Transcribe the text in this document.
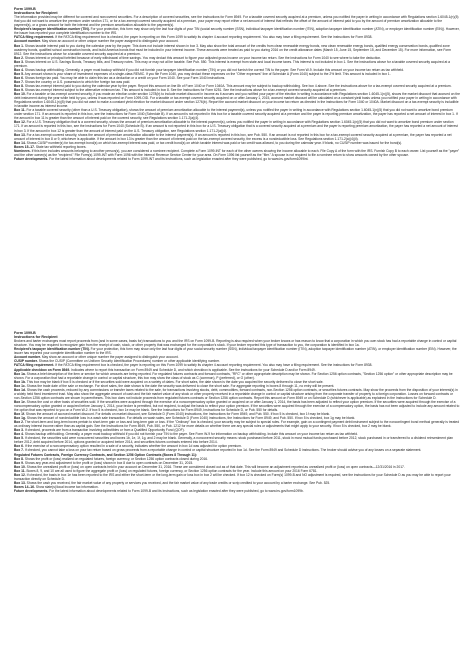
Form 1099-B
Instructions for Recipient

The information provided may be different for covered and noncovered securities. For a description of covered securities, see the instructions for Form 8949. For a taxable covered security acquired at a premium, unless you notified the payer in writing in accordance with Regulations section 1.6045-1(n)(5) that you did not want to amortize the premium under section 171, or for a tax-exempt covered security acquired at a premium, your payer may report either a net amount of interest that reflects the offset of the amount of interest paid to you by the amount of premium amortization allocable to the payment(s), or a gross amount for both the interest and the premium amortization allocable to the payment(s).

Recipient's taxpayer identification number (TIN). For your protection, this form may show only the last four digits of your TIN (social security number (SSN), individual taxpayer identification number (ITIN), adoption taxpayer identification number (ATIN), or employer identification number (EIN)). However, the issuer has reported your complete identification number to the IRS.

FATCA filing requirement. If the FATCA filing requirement box is checked, the payer is reporting on this Form 1099 to satisfy its chapter 4 account reporting requirement. You also may have a filing requirement. See the instructions for Form 8938.

Account number. May show an account or other unique number the payer assigned to distinguish your account.

Box 1. Shows taxable interest paid to you during the calendar year by the payer. This does not include interest shown in box 3. May also show the total amount of the credits from clean renewable energy bonds, new clean renewable energy bonds, qualified energy conservation bonds, qualified zone academy bonds, qualified school construction bonds, and build America bonds that must be included in your interest income. These amounts were treated as paid to you during 2016 on the credit allowance dates (March 15, June 15, September 15, and December 15). For more information, see Form 8912. See the instructions above for a taxable covered security acquired at a premium.

Box 2. Shows interest or principal forfeited because of early withdrawal of time savings. You may deduct this amount to figure your adjusted gross income on your income tax return. See the instructions for Form 1040 to see where to take the deduction.

Box 3. Shows interest on U.S. Savings Bonds, Treasury bills, and Treasury notes. This may or may not all be taxable. See Pub. 550. This interest is exempt from state and local income taxes. This interest is not included in box 1. See the instructions above for a taxable covered security acquired at a premium.

Box 4. Shows backup withholding. Generally, a payer must backup withhold if you did not furnish your taxpayer identification number (TIN) or you did not furnish the correct TIN to the payer. See Form W-9. Include this amount on your income tax return as tax withheld.

Box 5. Any amount shown is your share of investment expenses of a single-class REMIC. If you file Form 1040, you may deduct these expenses on the "Other expenses" line of Schedule A (Form 1040) subject to the 2% limit. This amount is included in box 1.

Box 6. Shows foreign tax paid. You may be able to claim this tax as a deduction or a credit on your Form 1040. See your Form 1040 instructions.

Box 7. Shows the country or U.S. possession to which the foreign tax was paid.

Box 8. Shows tax-exempt interest paid to you during the calendar year by the payer. Report this amount on line 8b of Form 1040 or Form 1040A. This amount may be subject to backup withholding. See box 4 above. See the instructions above for a tax-exempt covered security acquired at a premium.

Box 9. Shows tax-exempt interest subject to the alternative minimum tax. This amount is included in box 8. See the Instructions for Form 6251. See the instructions above for a tax-exempt covered security acquired at a premium.

Box 10. For a taxable or tax-exempt covered security, if you made an election under section 1278(b) to include market discount in income as it accrues and you notified your payer of the election in writing in accordance with Regulations section 1.6045-1(n)(5), shows the market discount that accrued on the debt instrument during the year while held by you, unless it was reported on Form 1099-OID. For a taxable or tax-exempt covered security acquired on or after January 1, 2015, accrued market discount will be calculated on a constant yield basis unless you notified your payer in writing in accordance with Regulations section 1.6045-1(n)(5) that you did not want to make a constant yield election for market discount under section 1276(b). Report the accrued market discount on your income tax return as directed in the instructions for Form 1040 or 1040A. Market discount on a tax-exempt security is includible in taxable income as interest income.

Box 11. For a taxable covered security (other than a U.S. Treasury obligation), shows the amount of premium amortization allocable to the interest payment(s), unless you notified the payer in writing in accordance with Regulations section 1.6045-1(n)(5) that you did not want to amortize bond premium under section 171. If an amount is reported in this box, see the instructions for Form 1040 (Schedule B). If an amount is not reported in this box for a taxable covered security acquired at a premium and the payer is reporting premium amortization, the payer has reported a net amount of interest in box 1. If the amount in box 11 is greater than the amount of interest paid on the covered security, see Regulations section 1.171-2(a)(4).

Box 12. For a U.S. Treasury obligation that is a covered security, shows the amount of premium amortization allocable to the interest payment(s), unless you notified the payer in writing in accordance with Regulations section 1.6045-1(n)(5) that you did not want to amortize bond premium under section 171. If an amount is reported in this box, see the instructions for Form 1040 (Schedule B). If an amount is not reported in this box for a U.S. Treasury obligation that is a covered security acquired at a premium and the payer is reporting premium amortization, the payer has reported a net amount of interest in box 3. If the amount in box 12 is greater than the amount of interest paid on the U.S. Treasury obligation, see Regulations section 1.171-2(a)(4).

Box 13. For a tax-exempt covered security, shows the amount of premium amortization allocable to the interest payment(s). If an amount is reported in this box, see Pub. 550. If an amount is not reported in this box for a tax-exempt covered security acquired at a premium, the payer has reported a net amount of interest in box 8 or 9, whichever is applicable. If the amount in box 13 is greater than the amount of interest paid on the tax-exempt covered security, the excess is a nondeductible loss. See Regulations section 1.171-2(a)(4)(ii).

Box 14. Shows CUSIP number(s) for tax-exempt bond(s) on which tax-exempt interest was paid, or tax credit bond(s) on which taxable interest was paid or tax credit was allowed, to you during the calendar year. If blank, no CUSIP number was issued for the bond(s).

Boxes 15–17. State tax withheld reporting boxes.

Nominees. If this form includes amounts belonging to another person(s), you are considered a nominee recipient. Complete a Form 1099-INT for each of the other owners showing the income allocable to each. File Copy A of the form with the IRS. Furnish Copy B to each owner. List yourself as the "payer" and the other owner(s) as the "recipient." File Form(s) 1099-INT with Form 1096 with the Internal Revenue Service Center for your area. On Form 1096 list yourself as the "filer." A spouse is not required to file a nominee return to show amounts owned by the other spouse.

Future developments. For the latest information about developments related to Form 1099-INT and its instructions, such as legislation enacted after they were published, go to www.irs.gov/form1099int.

Form 1099-B
Instructions for Recipient

Brokers and barter exchanges must report proceeds from (and in some cases, basis for) transactions to you and the IRS on Form 1099-B. Reporting is also required when your broker knows or has reason to know that a corporation in which you own stock has had a reportable change in control or capital structure. You may be required to recognize gain from the receipt of cash, stock, or other property that was exchanged for the corporation's stock. If your broker reported this type of transaction to you, the corporation is identified in box 1a.

Recipient's taxpayer identification number (TIN). For your protection, this form may show only the last four digits of your social security number (SSN), individual taxpayer identification number (ITIN), adoption taxpayer identification number (ATIN), or employer identification number (EIN). However, the issuer has reported your complete identification number to the IRS.

Account number. May show an account or other unique number the payer assigned to distinguish your account.

CUSIP number. Shows the CUSIP (Committee on Uniform Security Identification Procedures) number or other applicable identifying number.

FATCA filing requirement. If the FATCA filing requirement box is checked, the payer is reporting on this Form 1099 to satisfy its chapter 4 account reporting requirement. You also may have a filing requirement. See the instructions for Form 8938.

Applicable checkbox on Form 8949. Indicates where to report this transaction on Form 8949 and Schedule D, and which checkbox is applicable. See the instructions for your Schedule D and/or Form 8949.

Box 1a. Shows a brief description of the item or service for which amounts are being reported. For regulated futures contracts and forward contracts, "RFC" or other appropriate description may be shown. For Section 1256 option contracts, "Section 1256 option" or other appropriate description may be shown. For a corporation that had a reportable change in control or capital structure, this box may show the class of stock as C (common), P (preferred), or O (other).

Box 1b. This box may be blank if box 5 is checked or if the securities sold were acquired on a variety of dates. For short sales, the date shown is the date you acquired the security delivered to close the short sale.

Box 1c. Shows the trade date of the sale or exchange. For short sales, the date shown is the date the security was delivered to close the short sale. For aggregate reporting in boxes 8 through 11, no entry will be present.

Box 1d. Shows the cash proceeds, reduced by any commissions or transfer taxes related to the sale, for transactions involving stocks, debt, commodities, forward contracts, non-Section 1256 option contracts, or securities futures contracts. May show the proceeds from the disposition of your interest(s) in a widely held fixed investment trust. May also show the aggregate amount of cash and the fair market value of any stock or other property received in a reportable change in control or capital structure arising from the corporate transfer of property to a foreign corporation. Losses on forward contracts or non-Section 1256 option contracts are shown in parentheses. This box does not include proceeds from regulated futures contracts or Section 1256 option contracts. Report this amount on Form 8949 or on Schedule D (whichever is applicable) as explained in the Instructions for Schedule D.

Box 1e. Shows the cost or other basis of securities sold. If the securities were acquired through the exercise of a noncompensatory option granted or acquired on or after January 1, 2014, the basis has been adjusted to reflect your option premium. If the securities were acquired through the exercise of a noncompensatory option granted or acquired before January 1, 2014, your broker is permitted, but not required, to adjust the basis to reflect your option premium. If the securities were acquired through the exercise of a compensatory option, the basis has not been adjusted to include any amount related to the option that was reported to you on a Form W-2. If box 5 is checked, box 1e may be blank. See the Instructions for Form 8949, Instructions for Schedule D, or Pub. 550 for details.

Box 1f. Shows the amount of accrued market discount. For details on market discount, see Schedule D (Form 1040) instructions, the Instructions for Form 8949, and Pub. 550. If box 5 is checked, box 1f may be blank.

Box 1g. Shows the amount of nondeductible loss in a wash sale transaction. For details on wash sales, see Schedule D (Form 1040) instructions, the Instructions for Form 8949, and Pub. 550. If box 5 is checked, box 1g may be blank.

Box 2. The short-term and long-term boxes pertain to short-term gain or loss and long-term gain or loss. If the "Ordinary" box is checked, your security may be subject to special rules. For example, gain on a contingent payment debt instrument subject to the noncontingent bond method generally is treated as ordinary interest income rather than as capital gain. See the Instructions for Form 8949, Pub. 550, or Pub. 1212 for more details on whether there are any special rules or adjustments that might apply to your security. If box 5 is checked, box 2 may be blank.

Box 3. If checked, proceeds are from a transaction involving collectibles or from a Qualified Opportunity Fund (QOF).

Box 4. Shows backup withholding. Generally, a payer must backup withhold if you did not furnish your TIN to the payer. See Form W-9 for information on backup withholding. Include this amount on your income tax return as tax withheld.

Box 5. If checked, the securities sold were noncovered securities and boxes 1b, 1e, 1f, 1g, and 2 may be blank. Generally, a noncovered security means: stock purchased before 2011, stock in most mutual funds purchased before 2012, stock purchased in or transferred to a dividend reinvestment plan before 2012, debt acquired before 2014, options granted or acquired before 2014, and securities futures contracts entered into before 2014.

Box 6. If the exercise of a noncompensatory option resulted in a sale of a security, indicates whether the amount in box 1d was adjusted for option premium.

Box 7. If checked, you cannot take a loss on your tax return based on gross proceeds from a reportable change in control or capital structure reported in box 1d. See the Form 8949 and Schedule D instructions. The broker should advise you of any losses on a separate statement.

Regulated Futures Contracts, Foreign Currency Contracts, and Section 1256 Option Contracts (Boxes 8 Through 11):

Box 8. Shows the profit or (loss) realized on regulated futures, foreign currency, or Section 1256 option contracts closed during 2016.

Box 9. Shows any year-end adjustment to the profit or (loss) shown in box 8 due to open contracts on December 31, 2015.

Box 10. Shows the unrealized profit or (loss) on open contracts held in your account on December 31, 2016. These are considered closed out as of that date. This will become an adjustment reported as unrealized profit or (loss) on open contracts—12/31/2016 in 2017.

Box 11. Boxes 8, 9, and 10 are all used to figure the aggregate profit or (loss) on regulated futures, foreign currency, or Section 1256 option contracts for the year. Include this amount on your 2016 Form 6781.

Box 12. If checked, the basis in box 1e has been reported to the IRS and either the short-term or the long-term gain or loss box in box 2 will be checked. If box 12 is checked on Form(s) 1099-B and NO adjustment is required, see the instructions for your Schedule D as you may be able to report your transaction directly on Schedule D.

Box 13. Shows the cash you received, the fair market value of any property or services you received, and the fair market value of any trade credits or scrip credited to your account by a barter exchange. See Pub. 525.

Boxes 14–16. Show state(s)/local income tax information.

Future developments. For the latest information about developments related to Form 1099-B and its instructions, such as legislation enacted after they were published, go to www.irs.gov/form1099b.
